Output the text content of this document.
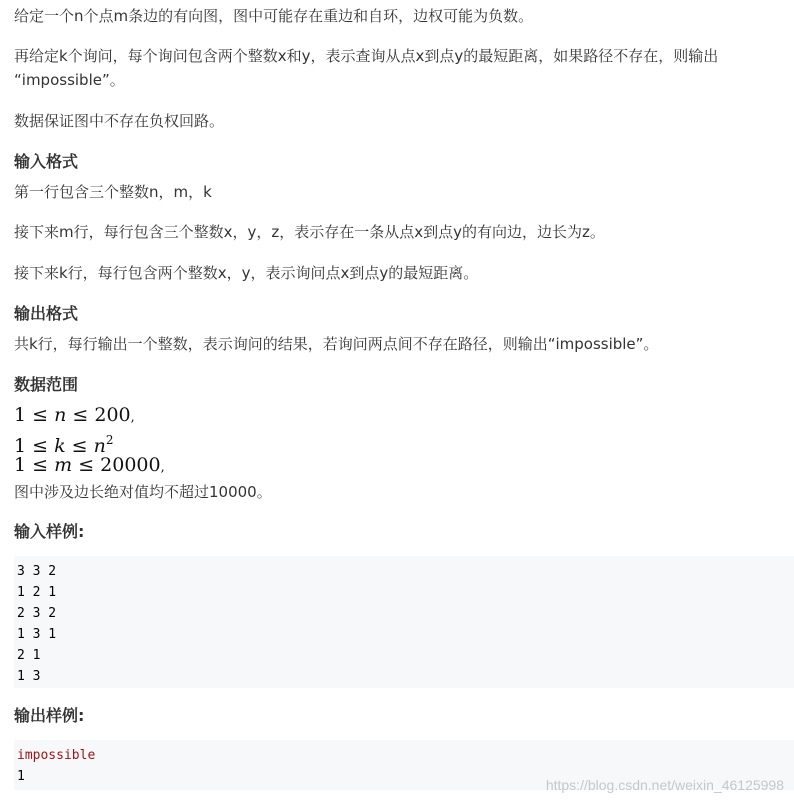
给定一个n个点m条边的有向图，图中可能存在重边和自环，边权可能为负数。
再给定k个询问，每个询问包含两个整数x和y，表示查询从点x到点y的最短距离，如果路径不存在，则输出
“impossible”。
数据保证图中不存在负权回路。
输入格式
第一行包含三个整数n，m，k
接下来m行，每行包含三个整数x，y，z，表示存在一条从点x到点y的有向边，边长为z。
接下来k行，每行包含两个整数x，y，表示询问点x到点y的最短距离。
输出格式
共k行，每行输出一个整数，表示询问的结果，若询问两点间不存在路径，则输出“impossible”。
数据范围
1 ≤ n ≤ 200,
$1 \le k \le n^2$
1 ≤ m ≤ 20000,
图中涉及边长绝对值均不超过10000。
输入样例:
3 3 2
1 2 1
2 3 2
1 3 1
2 1
1 3
输出样例:
impossible
1
https://blog.csdn.net/weixin_46125998
